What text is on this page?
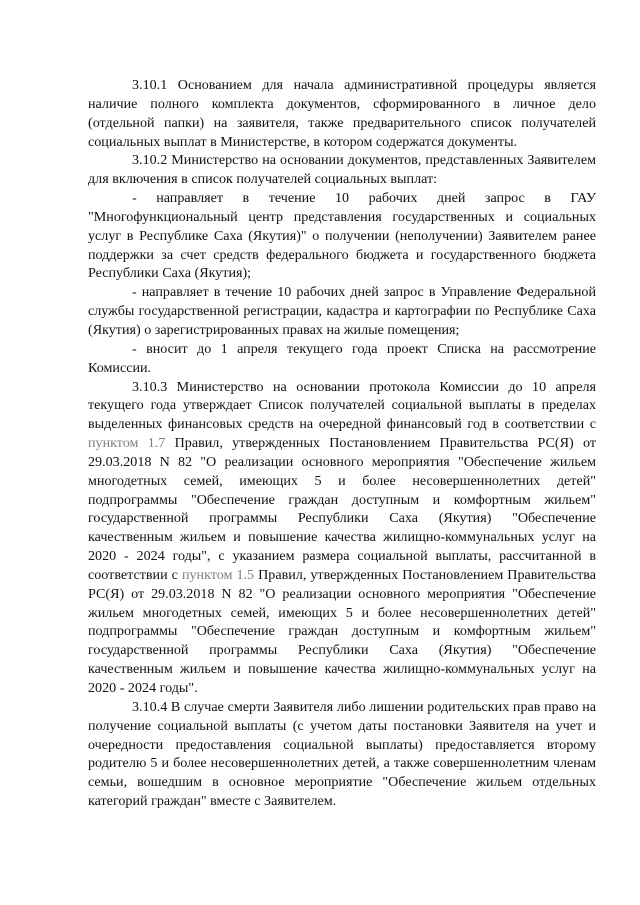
3.10.1 Основанием для начала административной процедуры является наличие полного комплекта документов, сформированного в личное дело (отдельной папки) на заявителя, также предварительного список получателей социальных выплат в Министерстве, в котором содержатся документы.

3.10.2 Министерство на основании документов, представленных Заявителем для включения в список получателей социальных выплат:

- направляет в течение 10 рабочих дней запрос в ГАУ "Многофункциональный центр представления государственных и социальных услуг в Республике Саха (Якутия)" о получении (неполучении) Заявителем ранее поддержки за счет средств федерального бюджета и государственного бюджета Республики Саха (Якутия);

- направляет в течение 10 рабочих дней запрос в Управление Федеральной службы государственной регистрации, кадастра и картографии по Республике Саха (Якутия) о зарегистрированных правах на жилые помещения;

- вносит до 1 апреля текущего года проект Списка на рассмотрение Комиссии.

3.10.3 Министерство на основании протокола Комиссии до 10 апреля текущего года утверждает Список получателей социальной выплаты в пределах выделенных финансовых средств на очередной финансовый год в соответствии с пунктом 1.7 Правил, утвержденных Постановлением Правительства РС(Я) от 29.03.2018 N 82 "О реализации основного мероприятия "Обеспечение жильем многодетных семей, имеющих 5 и более несовершеннолетних детей" подпрограммы "Обеспечение граждан доступным и комфортным жильем" государственной программы Республики Саха (Якутия) "Обеспечение качественным жильем и повышение качества жилищно-коммунальных услуг на 2020 - 2024 годы", с указанием размера социальной выплаты, рассчитанной в соответствии с пунктом 1.5 Правил, утвержденных Постановлением Правительства РС(Я) от 29.03.2018 N 82 "О реализации основного мероприятия "Обеспечение жильем многодетных семей, имеющих 5 и более несовершеннолетних детей" подпрограммы "Обеспечение граждан доступным и комфортным жильем" государственной программы Республики Саха (Якутия) "Обеспечение качественным жильем и повышение качества жилищно-коммунальных услуг на 2020 - 2024 годы".

3.10.4 В случае смерти Заявителя либо лишении родительских прав право на получение социальной выплаты (с учетом даты постановки Заявителя на учет и очередности предоставления социальной выплаты) предоставляется второму родителю 5 и более несовершеннолетних детей, а также совершеннолетним членам семьи, вошедшим в основное мероприятие "Обеспечение жильем отдельных категорий граждан" вместе с Заявителем.
